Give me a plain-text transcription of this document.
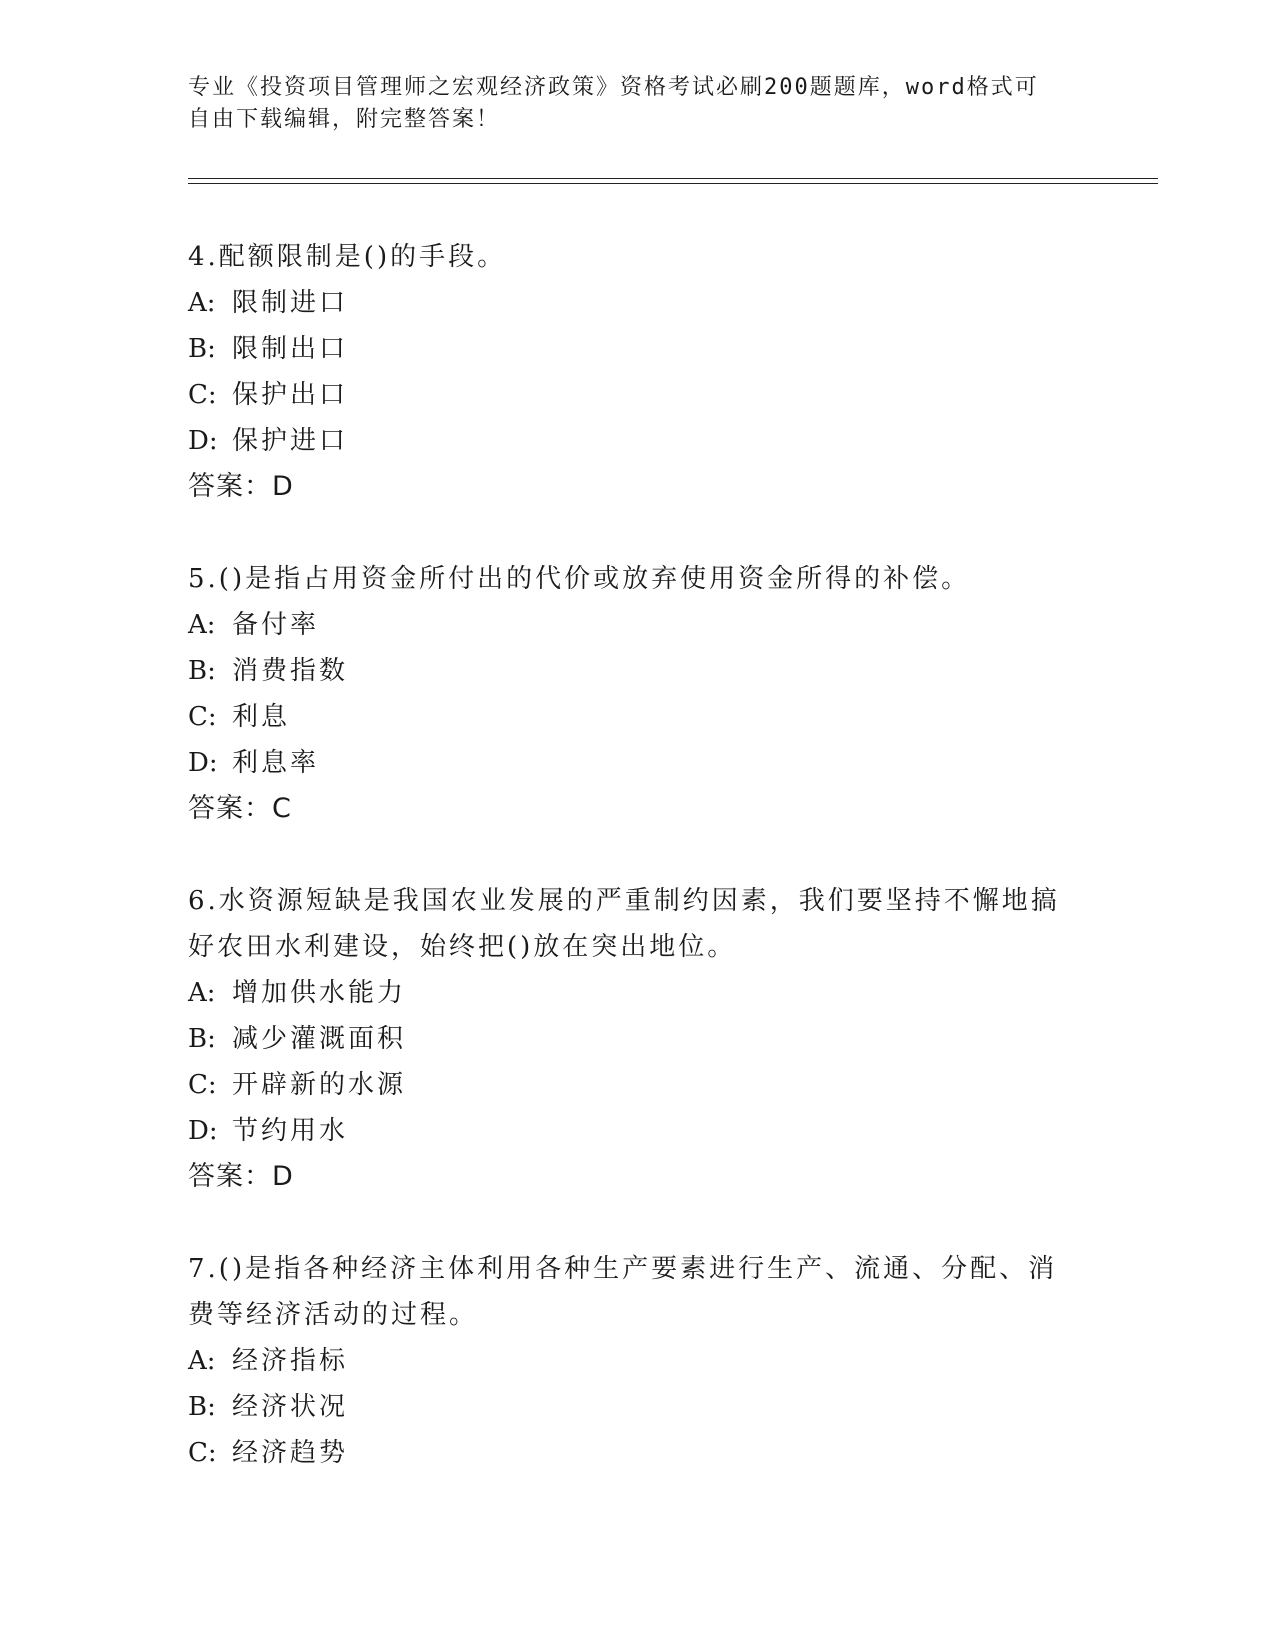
专业《投资项目管理师之宏观经济政策》资格考试必刷200题题库，word格式可
自由下载编辑，附完整答案！

4.配额限制是()的手段。

A: 限制进口
B: 限制出口
C: 保护出口
D: 保护进口
答案：D

5.()是指占用资金所付出的代价或放弃使用资金所得的补偿。

A: 备付率
B: 消费指数
C: 利息
D: 利息率
答案：C

6.水资源短缺是我国农业发展的严重制约因素，我们要坚持不懈地搞好农田水利建设，始终把()放在突出地位。

A: 增加供水能力
B: 减少灌溉面积
C: 开辟新的水源
D: 节约用水
答案：D

7.()是指各种经济主体利用各种生产要素进行生产、流通、分配、消费等经济活动的过程。

A: 经济指标
B: 经济状况
C: 经济趋势
